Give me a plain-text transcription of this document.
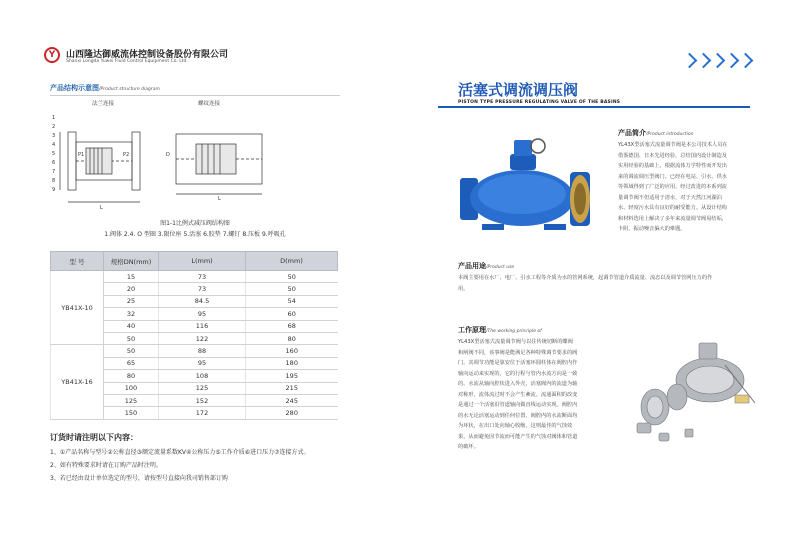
Y 山西隆达御威流体控制设备股份有限公司
Shanxi Longda Yuwei Fluid Control Equipment Co. Ltd.
产品结构示意图/Product structure diagram
法兰连接	螺纹连接
1
2
3
4
5
6
7
8
9
P1	P2
L
D
L
图1-1比例式减压阀结构图
1.阀体 2.4. O 型圈 3.限位座 5.活塞 6.胶垫 7.螺钉 8.压板 9.呼吸孔
型 号	规格DN(mm)	L(mm)	D(mm)
YB41X-10	15	73	50
	20	73	50
	25	84.5	54
	32	95	60
	40	116	68
	50	122	80
YB41X-16	50	88	160
	65	95	180
	80	108	195
	100	125	215
	125	152	245
	150	172	280
订货时请注明以下内容：
1、①产品名称与型号②公称直径③额定流量系数KV④公称压力⑤工作介质⑥进口压力⑦连接方式。
2、如有特殊要求时请在订购产品时注明。
3、若已经由设计单位选定的型号，请按型号直接向我司销售部订购
活塞式调流调压阀
PISTON TYPE PRESSURE REGULATING VALVE OF THE BASINS
产品简介/Product introduction
YL43X型活塞式流量调节阀是本公司技术人员在
借鉴德国、日本先进经验，总结国内设计制造及
实用经验的基础上，根据流体力学特性而开发出
来的调流调压型阀门。已经在电站、引水、供水
等领域得到了广泛的应用。经过改进的本系列流
量调节阀不但适用于清水，对于天然江河湖泊
水、轻度污水具有良好的耐受能力。从设计结构
和材料选用上解决了多年来流量调节阀易结垢，
卡阻，振动噪音偏大的难题。
产品用途/Product use
本阀主要用在水厂、电厂、引水工程等介质为水的管网系统，起调节管道介质流量、流态以及调节管网压力的作
用。
工作原理/The working principle of
YL43X型活塞式流量调节阀与以往传统切断的蝶阀
和闸阀不同，该事阀是能满足各种特殊调节要求的阀
门。其调节功能是靠安位于活塞环圆柱体在阀腔内作
轴向运动来实现的，它的行程与管内水流方向是一致
的。水流从轴向腔状进入外壳，活塞阀内的流道为轴
对称形，流体流过时不会产生紊流。流通面积的改变
是通过一个活塞沿管道轴向做直线运动实现。阀腔内
的水无论活塞运动到任何位置，阀腔内的水流断面均
为环状，在出口处向轴心收缩，这则最佳的气蚀效
果，从而避免因节流而可能产生的气蚀对阀体和管道
的破坏。
